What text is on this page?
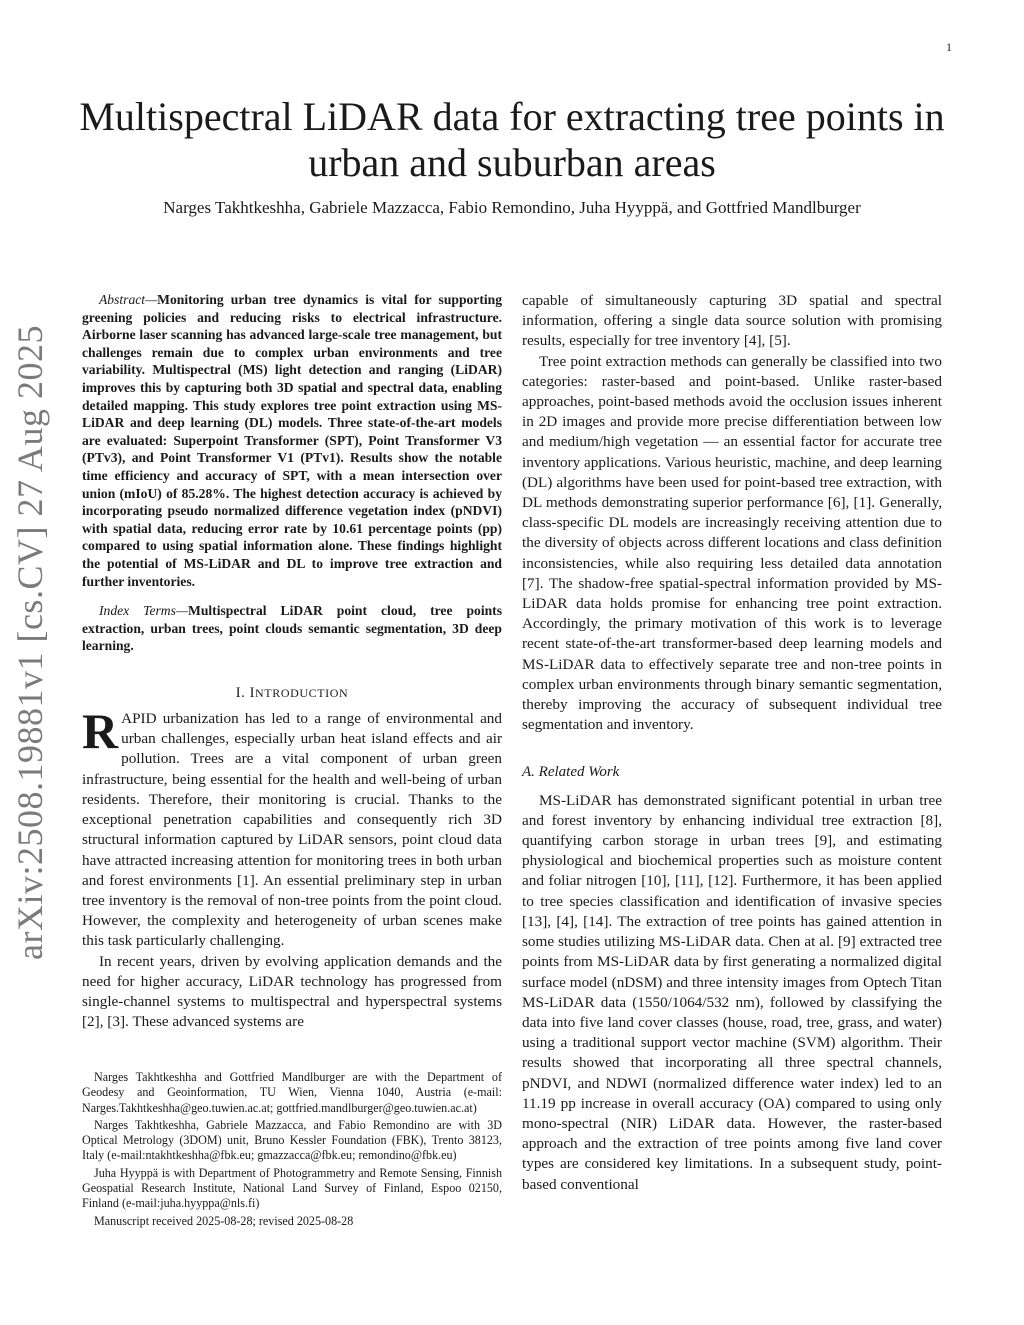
1
arXiv:2508.19881v1 [cs.CV] 27 Aug 2025
Multispectral LiDAR data for extracting tree points in urban and suburban areas
Narges Takhtkeshha, Gabriele Mazzacca, Fabio Remondino, Juha Hyyppä, and Gottfried Mandlburger

Abstract—Monitoring urban tree dynamics is vital for supporting greening policies and reducing risks to electrical infrastructure. Airborne laser scanning has advanced large-scale tree management, but challenges remain due to complex urban environments and tree variability. Multispectral (MS) light detection and ranging (LiDAR) improves this by capturing both 3D spatial and spectral data, enabling detailed mapping. This study explores tree point extraction using MS-LiDAR and deep learning (DL) models. Three state-of-the-art models are evaluated: Superpoint Transformer (SPT), Point Transformer V3 (PTv3), and Point Transformer V1 (PTv1). Results show the notable time efficiency and accuracy of SPT, with a mean intersection over union (mIoU) of 85.28%. The highest detection accuracy is achieved by incorporating pseudo normalized difference vegetation index (pNDVI) with spatial data, reducing error rate by 10.61 percentage points (pp) compared to using spatial information alone. These findings highlight the potential of MS-LiDAR and DL to improve tree extraction and further inventories.

Index Terms—Multispectral LiDAR point cloud, tree points extraction, urban trees, point clouds semantic segmentation, 3D deep learning.

I. INTRODUCTION

RAPID urbanization has led to a range of environmental and urban challenges, especially urban heat island effects and air pollution. Trees are a vital component of urban green infrastructure, being essential for the health and well-being of urban residents. Therefore, their monitoring is crucial. Thanks to the exceptional penetration capabilities and consequently rich 3D structural information captured by LiDAR sensors, point cloud data have attracted increasing attention for monitoring trees in both urban and forest environments [1]. An essential preliminary step in urban tree inventory is the removal of non-tree points from the point cloud. However, the complexity and heterogeneity of urban scenes make this task particularly challenging.

In recent years, driven by evolving application demands and the need for higher accuracy, LiDAR technology has progressed from single-channel systems to multispectral and hyperspectral systems [2], [3]. These advanced systems are

Narges Takhtkeshha and Gottfried Mandlburger are with the Department of Geodesy and Geoinformation, TU Wien, Vienna 1040, Austria (e-mail: Narges.Takhtkeshha@geo.tuwien.ac.at; gottfried.mandlburger@geo.tuwien.ac.at)

Narges Takhtkeshha, Gabriele Mazzacca, and Fabio Remondino are with 3D Optical Metrology (3DOM) unit, Bruno Kessler Foundation (FBK), Trento 38123, Italy (e-mail:ntakhtkeshha@fbk.eu; gmazzacca@fbk.eu; remondino@fbk.eu)

Juha Hyyppä is with Department of Photogrammetry and Remote Sensing, Finnish Geospatial Research Institute, National Land Survey of Finland, Espoo 02150, Finland (e-mail:juha.hyyppa@nls.fi)

Manuscript received 2025-08-28; revised 2025-08-28

capable of simultaneously capturing 3D spatial and spectral information, offering a single data source solution with promising results, especially for tree inventory [4], [5].

Tree point extraction methods can generally be classified into two categories: raster-based and point-based. Unlike raster-based approaches, point-based methods avoid the occlusion issues inherent in 2D images and provide more precise differentiation between low and medium/high vegetation — an essential factor for accurate tree inventory applications. Various heuristic, machine, and deep learning (DL) algorithms have been used for point-based tree extraction, with DL methods demonstrating superior performance [6], [1]. Generally, class-specific DL models are increasingly receiving attention due to the diversity of objects across different locations and class definition inconsistencies, while also requiring less detailed data annotation [7]. The shadow-free spatial-spectral information provided by MS-LiDAR data holds promise for enhancing tree point extraction. Accordingly, the primary motivation of this work is to leverage recent state-of-the-art transformer-based deep learning models and MS-LiDAR data to effectively separate tree and non-tree points in complex urban environments through binary semantic segmentation, thereby improving the accuracy of subsequent individual tree segmentation and inventory.

A. Related Work

MS-LiDAR has demonstrated significant potential in urban tree and forest inventory by enhancing individual tree extraction [8], quantifying carbon storage in urban trees [9], and estimating physiological and biochemical properties such as moisture content and foliar nitrogen [10], [11], [12]. Furthermore, it has been applied to tree species classification and identification of invasive species [13], [4], [14]. The extraction of tree points has gained attention in some studies utilizing MS-LiDAR data. Chen at al. [9] extracted tree points from MS-LiDAR data by first generating a normalized digital surface model (nDSM) and three intensity images from Optech Titan MS-LiDAR data (1550/1064/532 nm), followed by classifying the data into five land cover classes (house, road, tree, grass, and water) using a traditional support vector machine (SVM) algorithm. Their results showed that incorporating all three spectral channels, pNDVI, and NDWI (normalized difference water index) led to an 11.19 pp increase in overall accuracy (OA) compared to using only mono-spectral (NIR) LiDAR data. However, the raster-based approach and the extraction of tree points among five land cover types are considered key limitations. In a subsequent study, point-based conventional
